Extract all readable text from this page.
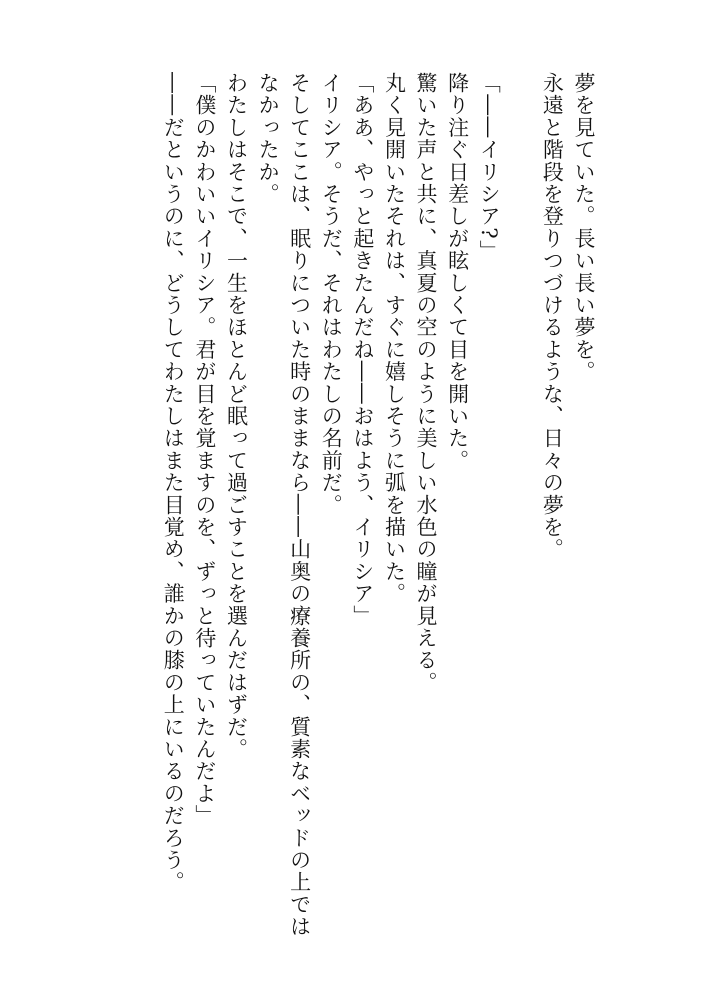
夢を見ていた。長い長い夢を。
永遠と階段を登りつづけるような、日々の夢を。
「――イリシア?」
降り注ぐ日差しが眩しくて目を開いた。
驚いた声と共に、真夏の空のように美しい水色の瞳が見える。
丸く見開いたそれは、すぐに嬉しそうに弧を描いた。
「ああ、やっと起きたんだね――おはよう、イリシア」
イリシア。そうだ、それはわたしの名前だ。
そしてここは、眠りについた時のままなら――山奥の療養所の、質素なベッドの上では
なかったか。
わたしはそこで、一生をほとんど眠って過ごすことを選んだはずだ。
「僕のかわいいイリシア。君が目を覚ますのを、ずっと待っていたんだよ」
――だというのに、どうしてわたしはまた目覚め、誰かの膝の上にいるのだろう。
